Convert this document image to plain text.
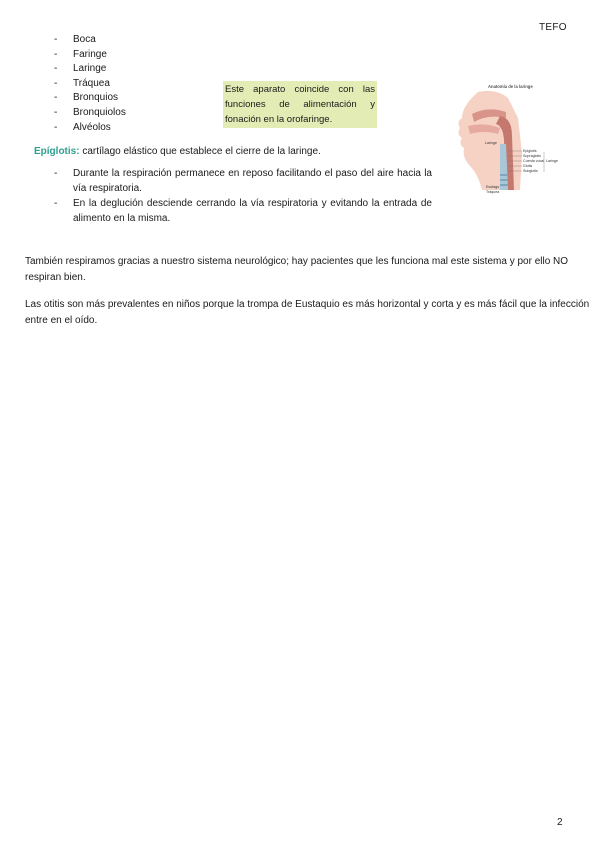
TEFO
- Boca
- Faringe
- Laringe
- Tráquea
- Bronquios
- Bronquiolos
- Alvéolos
Este aparato coincide con las funciones de alimentación y fonación en la orofaringe.
Anatomía de la laringe
Laringe
Epiglotis
Supraglotis
Cuerda vocal
Glotis
Subglotis
Laringe
Esófago
Tráquea
Epíglotis: cartílago elástico que establece el cierre de la laringe.
- Durante la respiración permanece en reposo facilitando el paso del aire hacia la vía respiratoria.
- En la deglución desciende cerrando la vía respiratoria y evitando la entrada de alimento en la misma.

También respiramos gracias a nuestro sistema neurológico; hay pacientes que les funciona mal este sistema y por ello NO respiran bien.

Las otitis son más prevalentes en niños porque la trompa de Eustaquio es más horizontal y corta y es más fácil que la infección entre en el oído.

2
